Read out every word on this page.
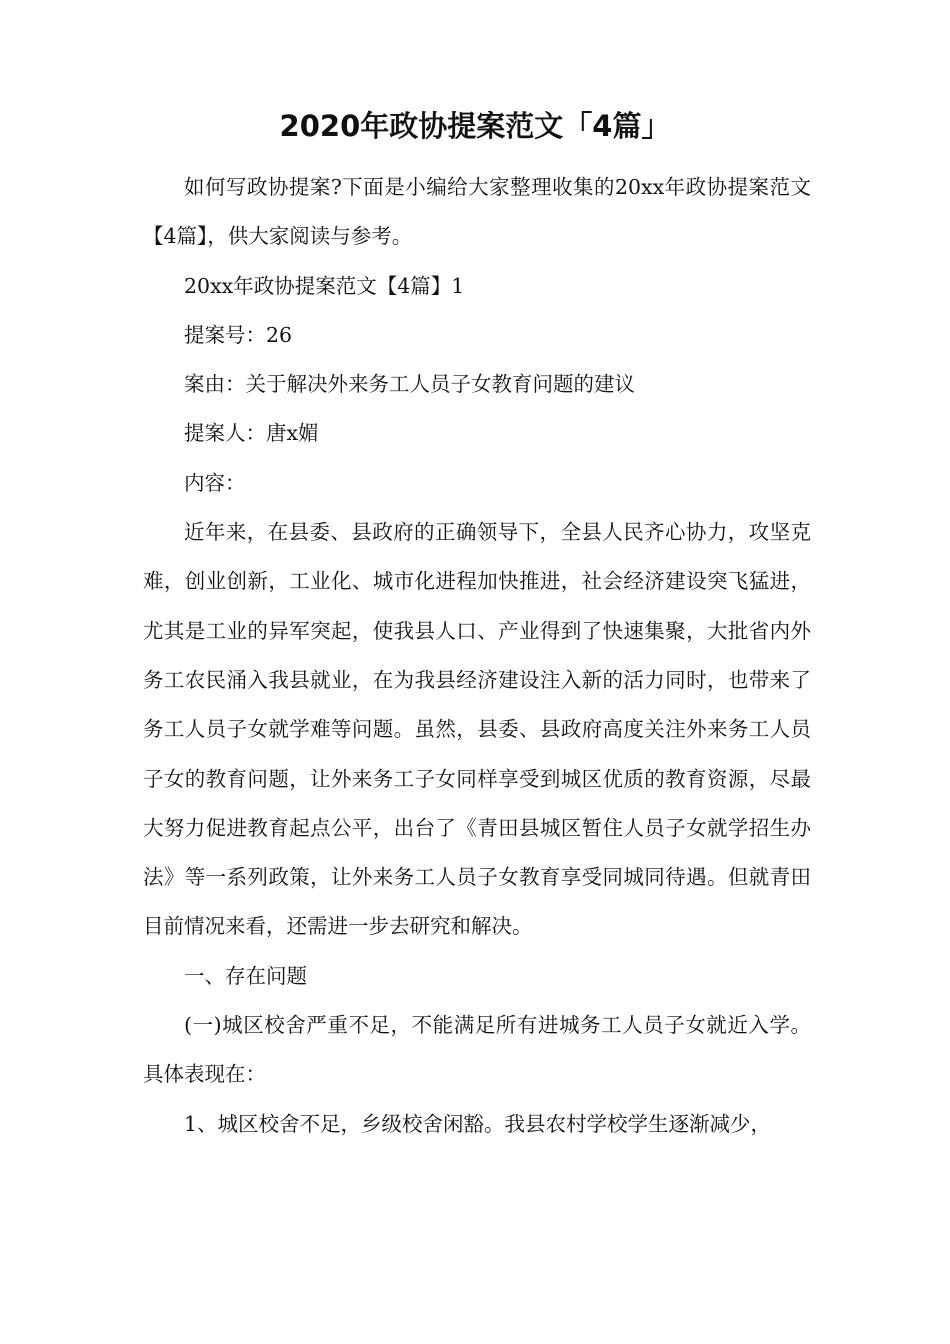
2020年政协提案范文「4篇」

如何写政协提案?下面是小编给大家整理收集的20xx年政协提案范文【4篇】，供大家阅读与参考。

20xx年政协提案范文【4篇】1

提案号：26

案由：关于解决外来务工人员子女教育问题的建议

提案人：唐x媚

内容：

近年来，在县委、县政府的正确领导下，全县人民齐心协力，攻坚克难，创业创新，工业化、城市化进程加快推进，社会经济建设突飞猛进，尤其是工业的异军突起，使我县人口、产业得到了快速集聚，大批省内外务工农民涌入我县就业，在为我县经济建设注入新的活力同时，也带来了务工人员子女就学难等问题。虽然，县委、县政府高度关注外来务工人员子女的教育问题，让外来务工子女同样享受到城区优质的教育资源，尽最大努力促进教育起点公平，出台了《青田县城区暂住人员子女就学招生办法》等一系列政策，让外来务工人员子女教育享受同城同待遇。但就青田目前情况来看，还需进一步去研究和解决。

一、存在问题

(一)城区校舍严重不足，不能满足所有进城务工人员子女就近入学。具体表现在：

1、城区校舍不足，乡级校舍闲豁。我县农村学校学生逐渐减少，
